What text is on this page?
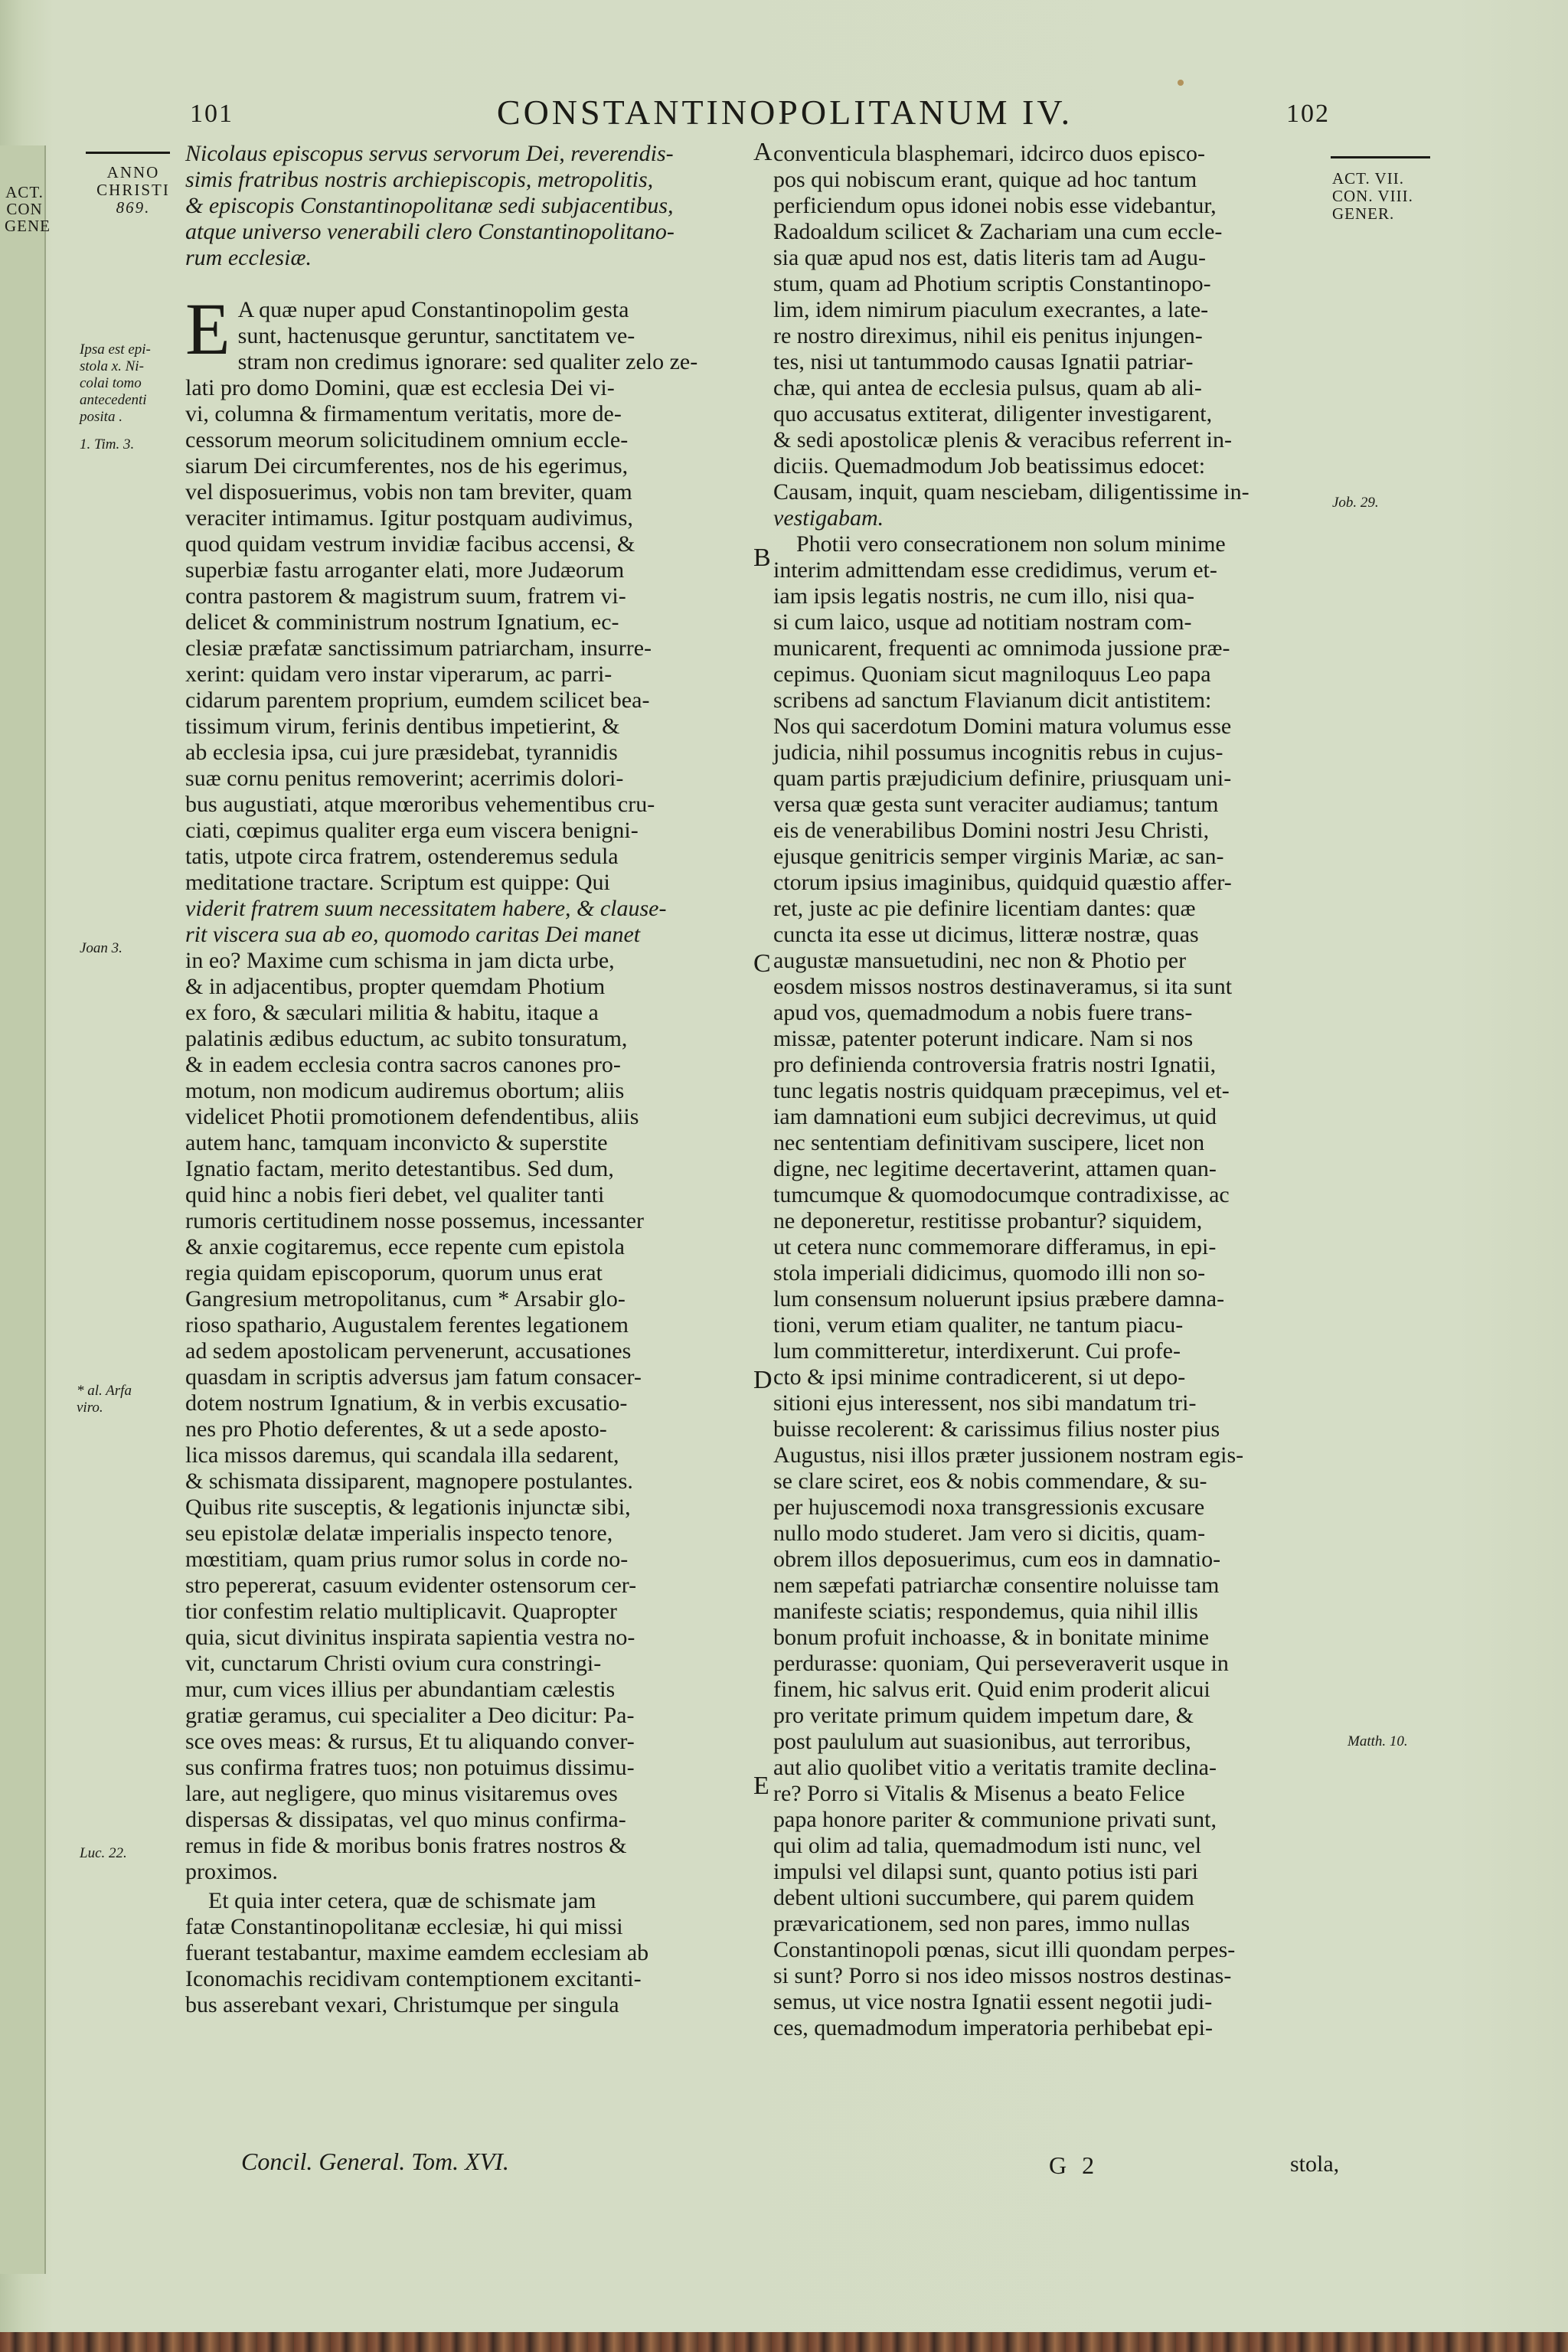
ACT.
CON
GENE
101	CONSTANTINOPOLITANUM IV.	102
ANNO
CHRISTI
869.
Ipsa est epi-
stola x. Ni-
colai tomo
antecedenti
posita .
1. Tim. 3.
Joan 3.
* al. Arfa
viro.
Luc. 22.
ACT. VII.
CON. VIII.
GENER.
Job. 29.
Matth. 10.
A
B
C
D
E
Nicolaus episcopus servus servorum Dei, reverendis-
simis fratribus nostris archiepiscopis, metropolitis,
& episcopis Constantinopolitanæ sedi subjacentibus,
atque universo venerabili clero Constantinopolitano-
rum ecclesiæ.
E A quæ nuper apud Constantinopolim gesta
sunt, hactenusque geruntur, sanctitatem ve-
stram non credimus ignorare: sed qualiter zelo ze-
lati pro domo Domini, quæ est ecclesia Dei vi-
vi, columna & firmamentum veritatis, more de-
cessorum meorum solicitudinem omnium eccle-
siarum Dei circumferentes, nos de his egerimus,
vel disposuerimus, vobis non tam breviter, quam
veraciter intimamus. Igitur postquam audivimus,
quod quidam vestrum invidiæ facibus accensi, &
superbiæ fastu arroganter elati, more Judæorum
contra pastorem & magistrum suum, fratrem vi-
delicet & comministrum nostrum Ignatium, ec-
clesiæ præfatæ sanctissimum patriarcham, insurre-
xerint: quidam vero instar viperarum, ac parri-
cidarum parentem proprium, eumdem scilicet bea-
tissimum virum, ferinis dentibus impetierint, &
ab ecclesia ipsa, cui jure præsidebat, tyrannidis
suæ cornu penitus removerint; acerrimis dolori-
bus augustiati, atque mœroribus vehementibus cru-
ciati, cœpimus qualiter erga eum viscera benigni-
tatis, utpote circa fratrem, ostenderemus sedula
meditatione tractare. Scriptum est quippe: Qui
viderit fratrem suum necessitatem habere, & clause-
rit viscera sua ab eo, quomodo caritas Dei manet
in eo? Maxime cum schisma in jam dicta urbe,
& in adjacentibus, propter quemdam Photium
ex foro, & sæculari militia & habitu, itaque a
palatinis ædibus eductum, ac subito tonsuratum,
& in eadem ecclesia contra sacros canones pro-
motum, non modicum audiremus obortum; aliis
videlicet Photii promotionem defendentibus, aliis
autem hanc, tamquam inconvicto & superstite
Ignatio factam, merito detestantibus. Sed dum,
quid hinc a nobis fieri debet, vel qualiter tanti
rumoris certitudinem nosse possemus, incessanter
& anxie cogitaremus, ecce repente cum epistola
regia quidam episcoporum, quorum unus erat
Gangresium metropolitanus, cum * Arsabir glo-
rioso spathario, Augustalem ferentes legationem
ad sedem apostolicam pervenerunt, accusationes
quasdam in scriptis adversus jam fatum consacer-
dotem nostrum Ignatium, & in verbis excusatio-
nes pro Photio deferentes, & ut a sede aposto-
lica missos daremus, qui scandala illa sedarent,
& schismata dissiparent, magnopere postulantes.
Quibus rite susceptis, & legationis injunctæ sibi,
seu epistolæ delatæ imperialis inspecto tenore,
mœstitiam, quam prius rumor solus in corde no-
stro pepererat, casuum evidenter ostensorum cer-
tior confestim relatio multiplicavit. Quapropter
quia, sicut divinitus inspirata sapientia vestra no-
vit, cunctarum Christi ovium cura constringi-
mur, cum vices illius per abundantiam cælestis
gratiæ geramus, cui specialiter a Deo dicitur: Pa-
sce oves meas: & rursus, Et tu aliquando conver-
sus confirma fratres tuos; non potuimus dissimu-
lare, aut negligere, quo minus visitaremus oves
dispersas & dissipatas, vel quo minus confirma-
remus in fide & moribus bonis fratres nostros &
proximos.
Et quia inter cetera, quæ de schismate jam
fatæ Constantinopolitanæ ecclesiæ, hi qui missi
fuerant testabantur, maxime eamdem ecclesiam ab
Iconomachis recidivam contemptionem excitanti-
bus asserebant vexari, Christumque per singula
conventicula blasphemari, idcirco duos episco-
pos qui nobiscum erant, quique ad hoc tantum
perficiendum opus idonei nobis esse videbantur,
Radoaldum scilicet & Zachariam una cum eccle-
sia quæ apud nos est, datis literis tam ad Augu-
stum, quam ad Photium scriptis Constantinopo-
lim, idem nimirum piaculum execrantes, a late-
re nostro direximus, nihil eis penitus injungen-
tes, nisi ut tantummodo causas Ignatii patriar-
chæ, qui antea de ecclesia pulsus, quam ab ali-
quo accusatus extiterat, diligenter investigarent,
& sedi apostolicæ plenis & veracibus referrent in-
diciis. Quemadmodum Job beatissimus edocet:
Causam, inquit, quam nesciebam, diligentissime in-
vestigabam.
Photii vero consecrationem non solum minime
interim admittendam esse credidimus, verum et-
iam ipsis legatis nostris, ne cum illo, nisi qua-
si cum laico, usque ad notitiam nostram com-
municarent, frequenti ac omnimoda jussione præ-
cepimus. Quoniam sicut magniloquus Leo papa
scribens ad sanctum Flavianum dicit antistitem:
Nos qui sacerdotum Domini matura volumus esse
judicia, nihil possumus incognitis rebus in cujus-
quam partis præjudicium definire, priusquam uni-
versa quæ gesta sunt veraciter audiamus; tantum
eis de venerabilibus Domini nostri Jesu Christi,
ejusque genitricis semper virginis Mariæ, ac san-
ctorum ipsius imaginibus, quidquid quæstio affer-
ret, juste ac pie definire licentiam dantes: quæ
cuncta ita esse ut dicimus, litteræ nostræ, quas
augustæ mansuetudini, nec non & Photio per
eosdem missos nostros destinaveramus, si ita sunt
apud vos, quemadmodum a nobis fuere trans-
missæ, patenter poterunt indicare. Nam si nos
pro definienda controversia fratris nostri Ignatii,
tunc legatis nostris quidquam præcepimus, vel et-
iam damnationi eum subjici decrevimus, ut quid
nec sententiam definitivam suscipere, licet non
digne, nec legitime decertaverint, attamen quan-
tumcumque & quomodocumque contradixisse, ac
ne deponeretur, restitisse probantur? siquidem,
ut cetera nunc commemorare differamus, in epi-
stola imperiali didicimus, quomodo illi non so-
lum consensum noluerunt ipsius præbere damna-
tioni, verum etiam qualiter, ne tantum piacu-
lum committeretur, interdixerunt. Cui profe-
cto & ipsi minime contradicerent, si ut depo-
sitioni ejus interessent, nos sibi mandatum tri-
buisse recolerent: & carissimus filius noster pius
Augustus, nisi illos præter jussionem nostram egis-
se clare sciret, eos & nobis commendare, & su-
per hujuscemodi noxa transgressionis excusare
nullo modo studeret. Jam vero si dicitis, quam-
obrem illos deposuerimus, cum eos in damnatio-
nem sæpefati patriarchæ consentire noluisse tam
manifeste sciatis; respondemus, quia nihil illis
bonum profuit inchoasse, & in bonitate minime
perdurasse: quoniam, Qui perseveraverit usque in
finem, hic salvus erit. Quid enim proderit alicui
pro veritate primum quidem impetum dare, &
post paululum aut suasionibus, aut terroribus,
aut alio quolibet vitio a veritatis tramite declina-
re? Porro si Vitalis & Misenus a beato Felice
papa honore pariter & communione privati sunt,
qui olim ad talia, quemadmodum isti nunc, vel
impulsi vel dilapsi sunt, quanto potius isti pari
debent ultioni succumbere, qui parem quidem
prævaricationem, sed non pares, immo nullas
Constantinopoli pœnas, sicut illi quondam perpes-
si sunt? Porro si nos ideo missos nostros destinas-
semus, ut vice nostra Ignatii essent negotii judi-
ces, quemadmodum imperatoria perhibebat epi-
Concil. General. Tom. XVI.	G 2	stola,
